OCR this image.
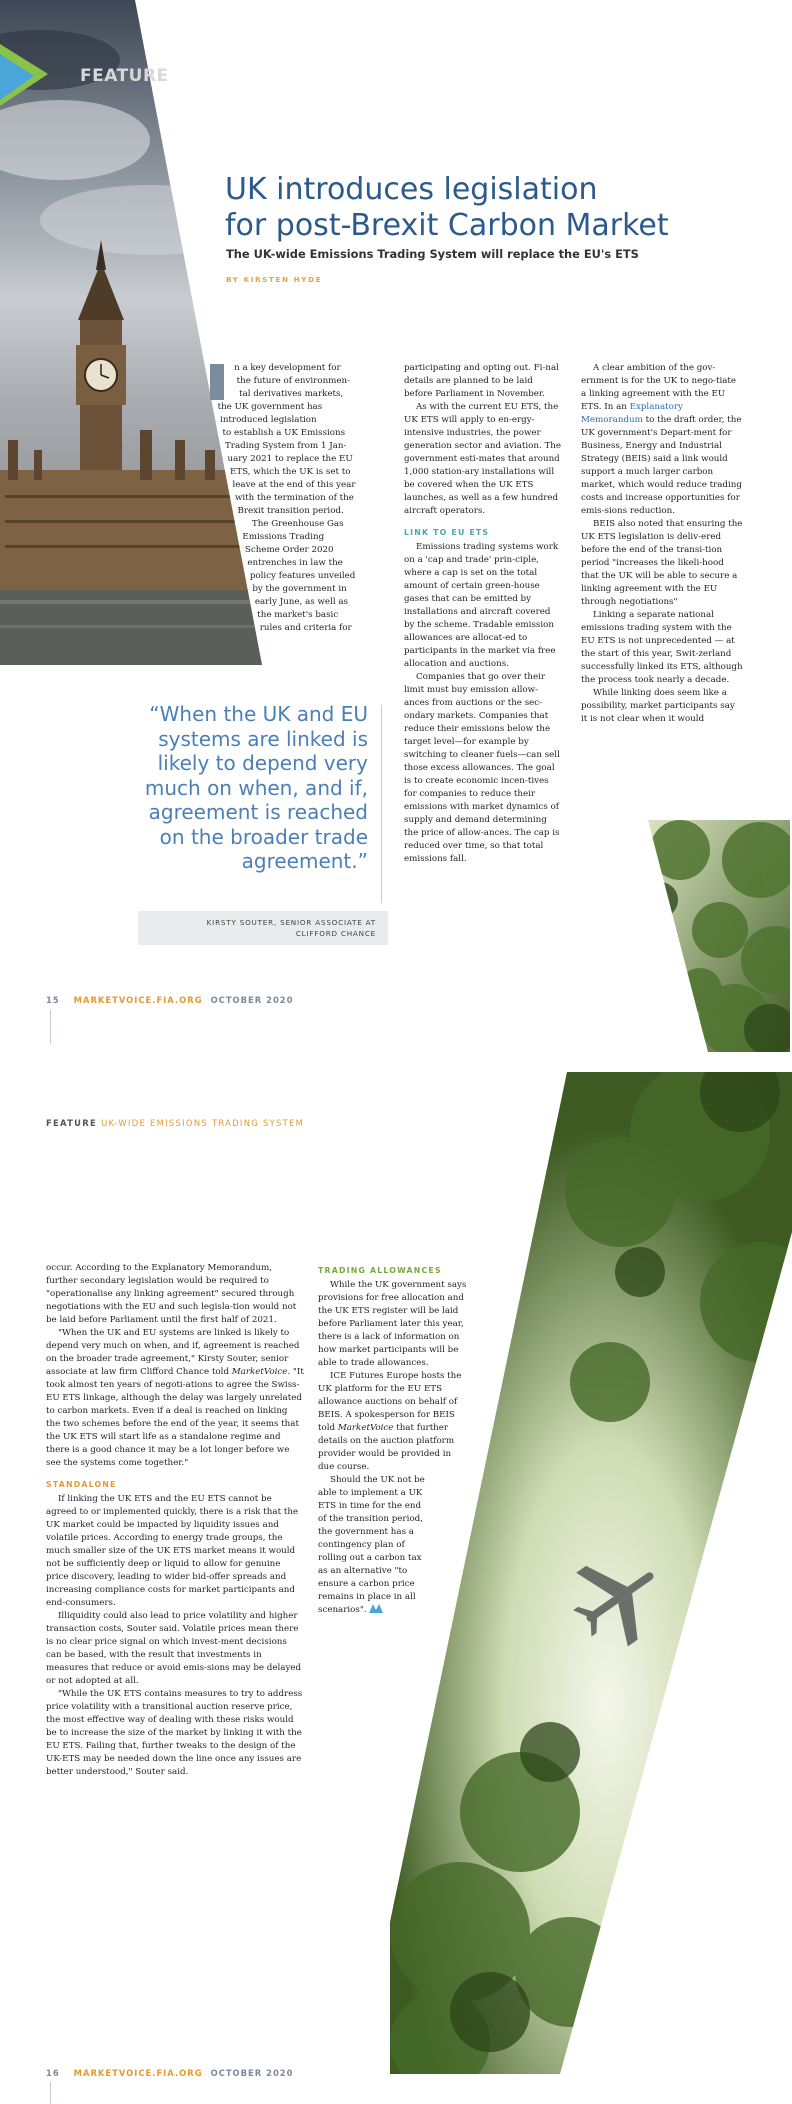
FEATURE
UK introduces legislation
for post-Brexit Carbon Market
The UK-wide Emissions Trading System will replace the EU's ETS
BY KIRSTEN HYDE
n a key development for
the future of environmen-
tal derivatives markets,
the UK government has
introduced legislation
to establish a UK Emissions
Trading System from 1 Jan-
uary 2021 to replace the EU
ETS, which the UK is set to
leave at the end of this year
with the termination of the
Brexit transition period.
The Greenhouse Gas
Emissions Trading
Scheme Order 2020
entrenches in law the
policy features unveiled
by the government in
early June, as well as
the market's basic
rules and criteria for

participating and opting out. Fi-nal details are planned to be laid before Parliament in November.

As with the current EU ETS, the UK ETS will apply to en-ergy-intensive industries, the power generation sector and aviation. The government esti-mates that around 1,000 station-ary installations will be covered when the UK ETS launches, as well as a few hundred aircraft operators.

LINK TO EU ETS

Emissions trading systems work on a 'cap and trade' prin-ciple, where a cap is set on the total amount of certain green-house gases that can be emitted by installations and aircraft covered by the scheme. Tradable emission allowances are allocat-ed to participants in the market via free allocation and auctions.

Companies that go over their limit must buy emission allow-ances from auctions or the sec-ondary markets. Companies that reduce their emissions below the target level—for example by switching to cleaner fuels—can sell those excess allowances. The goal is to create economic incen-tives for companies to reduce their emissions with market dynamics of supply and demand determining the price of allow-ances. The cap is reduced over time, so that total emissions fall.

A clear ambition of the gov-ernment is for the UK to nego-tiate a linking agreement with the EU ETS. In an Explanatory Memorandum to the draft order, the UK government's Depart-ment for Business, Energy and Industrial Strategy (BEIS) said a link would support a much larger carbon market, which would reduce trading costs and increase opportunities for emis-sions reduction.

BEIS also noted that ensuring the UK ETS legislation is deliv-ered before the end of the transi-tion period "increases the likeli-hood that the UK will be able to secure a linking agreement with the EU through negotiations"

Linking a separate national emissions trading system with the EU ETS is not unprecedented — at the start of this year, Swit-zerland successfully linked its ETS, although the process took nearly a decade.

While linking does seem like a possibility, market participants say it is not clear when it would

“When the UK and EU systems are linked is likely to depend very much on when, and if, agreement is reached on the broader trade agreement.”
KIRSTY SOUTER, SENIOR ASSOCIATE AT
CLIFFORD CHANCE
15 MARKETVOICE.FIA.ORG OCTOBER 2020
FEATURE UK-WIDE EMISSIONS TRADING SYSTEM

occur. According to the Explanatory Memorandum, further secondary legislation would be required to "operationalise any linking agreement" secured through negotiations with the EU and such legisla-tion would not be laid before Parliament until the first half of 2021.

"When the UK and EU systems are linked is likely to depend very much on when, and if, agreement is reached on the broader trade agreement," Kirsty Souter, senior associate at law firm Clifford Chance told MarketVoice. "It took almost ten years of negoti-ations to agree the Swiss-EU ETS linkage, although the delay was largely unrelated to carbon markets. Even if a deal is reached on linking the two schemes before the end of the year, it seems that the UK ETS will start life as a standalone regime and there is a good chance it may be a lot longer before we see the systems come together."

STANDALONE

If linking the UK ETS and the EU ETS cannot be agreed to or implemented quickly, there is a risk that the UK market could be impacted by liquidity issues and volatile prices. According to energy trade groups, the much smaller size of the UK ETS market means it would not be sufficiently deep or liquid to allow for genuine price discovery, leading to wider bid-offer spreads and increasing compliance costs for market participants and end-consumers.

Illiquidity could also lead to price volatility and higher transaction costs, Souter said. Volatile prices mean there is no clear price signal on which invest-ment decisions can be based, with the result that investments in measures that reduce or avoid emis-sions may be delayed or not adopted at all.

"While the UK ETS contains measures to try to address price volatility with a transitional auction reserve price, the most effective way of dealing with these risks would be to increase the size of the market by linking it with the EU ETS. Failing that, further tweaks to the design of the UK-ETS may be needed down the line once any issues are better understood," Souter said.

TRADING ALLOWANCES

While the UK government says provisions for free allocation and the UK ETS register will be laid before Parliament later this year, there is a lack of information on how market participants will be able to trade allowances.

ICE Futures Europe hosts the UK platform for the EU ETS allowance auctions on behalf of BEIS. A spokesperson for BEIS told MarketVoice that further details on the auction platform provider would be provided in due course.

Should the UK not be
able to implement a UK
ETS in time for the end
of the transition period,
the government has a
contingency plan of
rolling out a carbon tax
as an alternative "to
ensure a carbon price
remains in place in all
scenarios".
16 MARKETVOICE.FIA.ORG OCTOBER 2020
